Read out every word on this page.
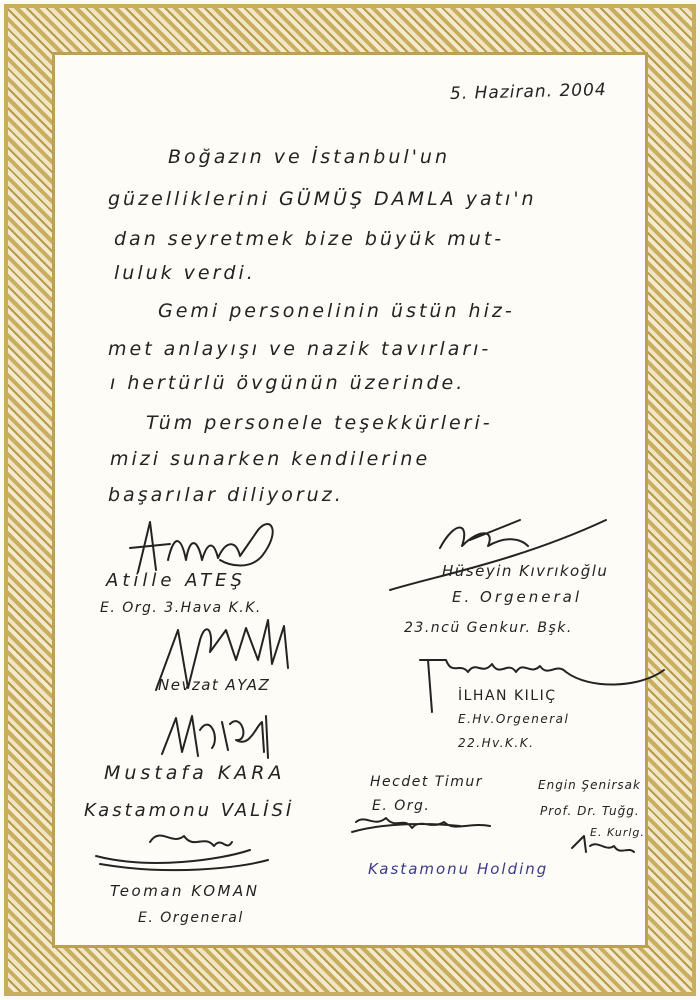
5. Haziran. 2004
Boğazın ve İstanbul'un
güzelliklerini GÜMÜŞ DAMLA yatı'n
dan seyretmek bize büyük mut-
luluk verdi.
Gemi personelinin üstün hiz-
met anlayışı ve nazik tavırları-
ı hertürlü övgünün üzerinde.
Tüm personele teşekkürleri-
mizi sunarken kendilerine
başarılar diliyoruz.
Atille ATEŞ
E. Org. 3.Hava K.K.
Hüseyin Kıvrıkoğlu
E. Orgeneral
23.ncü Genkur. Bşk.
Nevzat AYAZ
İLHAN KILIÇ
E.Hv.Orgeneral
22.Hv.K.K.
Mustafa KARA
Kastamonu VALİSİ
Hecdet Timur
E. Org.
Engin Şenirsak
Prof. Dr. Tuğg.
E. Kurlg.
Kastamonu Holding
Teoman KOMAN
E. Orgeneral
